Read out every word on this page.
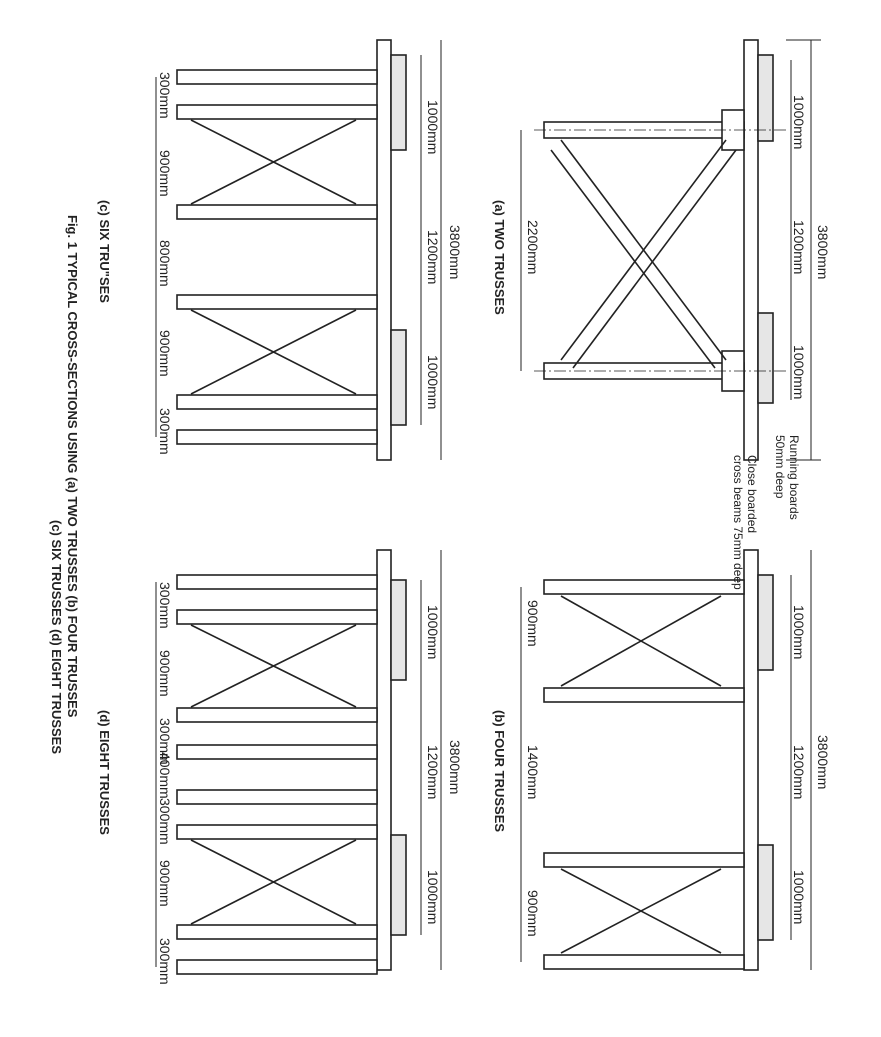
(a) TWO TRUSSES	3800mm
1000mm
1200mm
1000mm
2200mm
Running boards
50mm deep
Close boarded
cross beams 75mm deep
(b) FOUR TRUSSES	3800mm
1000mm
1200mm
1000mm
900mm
1400mm
900mm
(c) SIX TRU"SES	3800mm
1000mm
1200mm
1000mm
300mm
900mm
800mm
900mm
300mm
(d) EIGHT TRUSSES	3800mm
1000mm
1200mm
1000mm
300mm
900mm
300mm
400mm
300mm
900mm
300mm
Fig. 1 TYPICAL CROSS-SECTIONS USING (a) TWO TRUSSES (b) FOUR TRUSSES
(c) SIX TRUSSES (d) EIGHT TRUSSES
